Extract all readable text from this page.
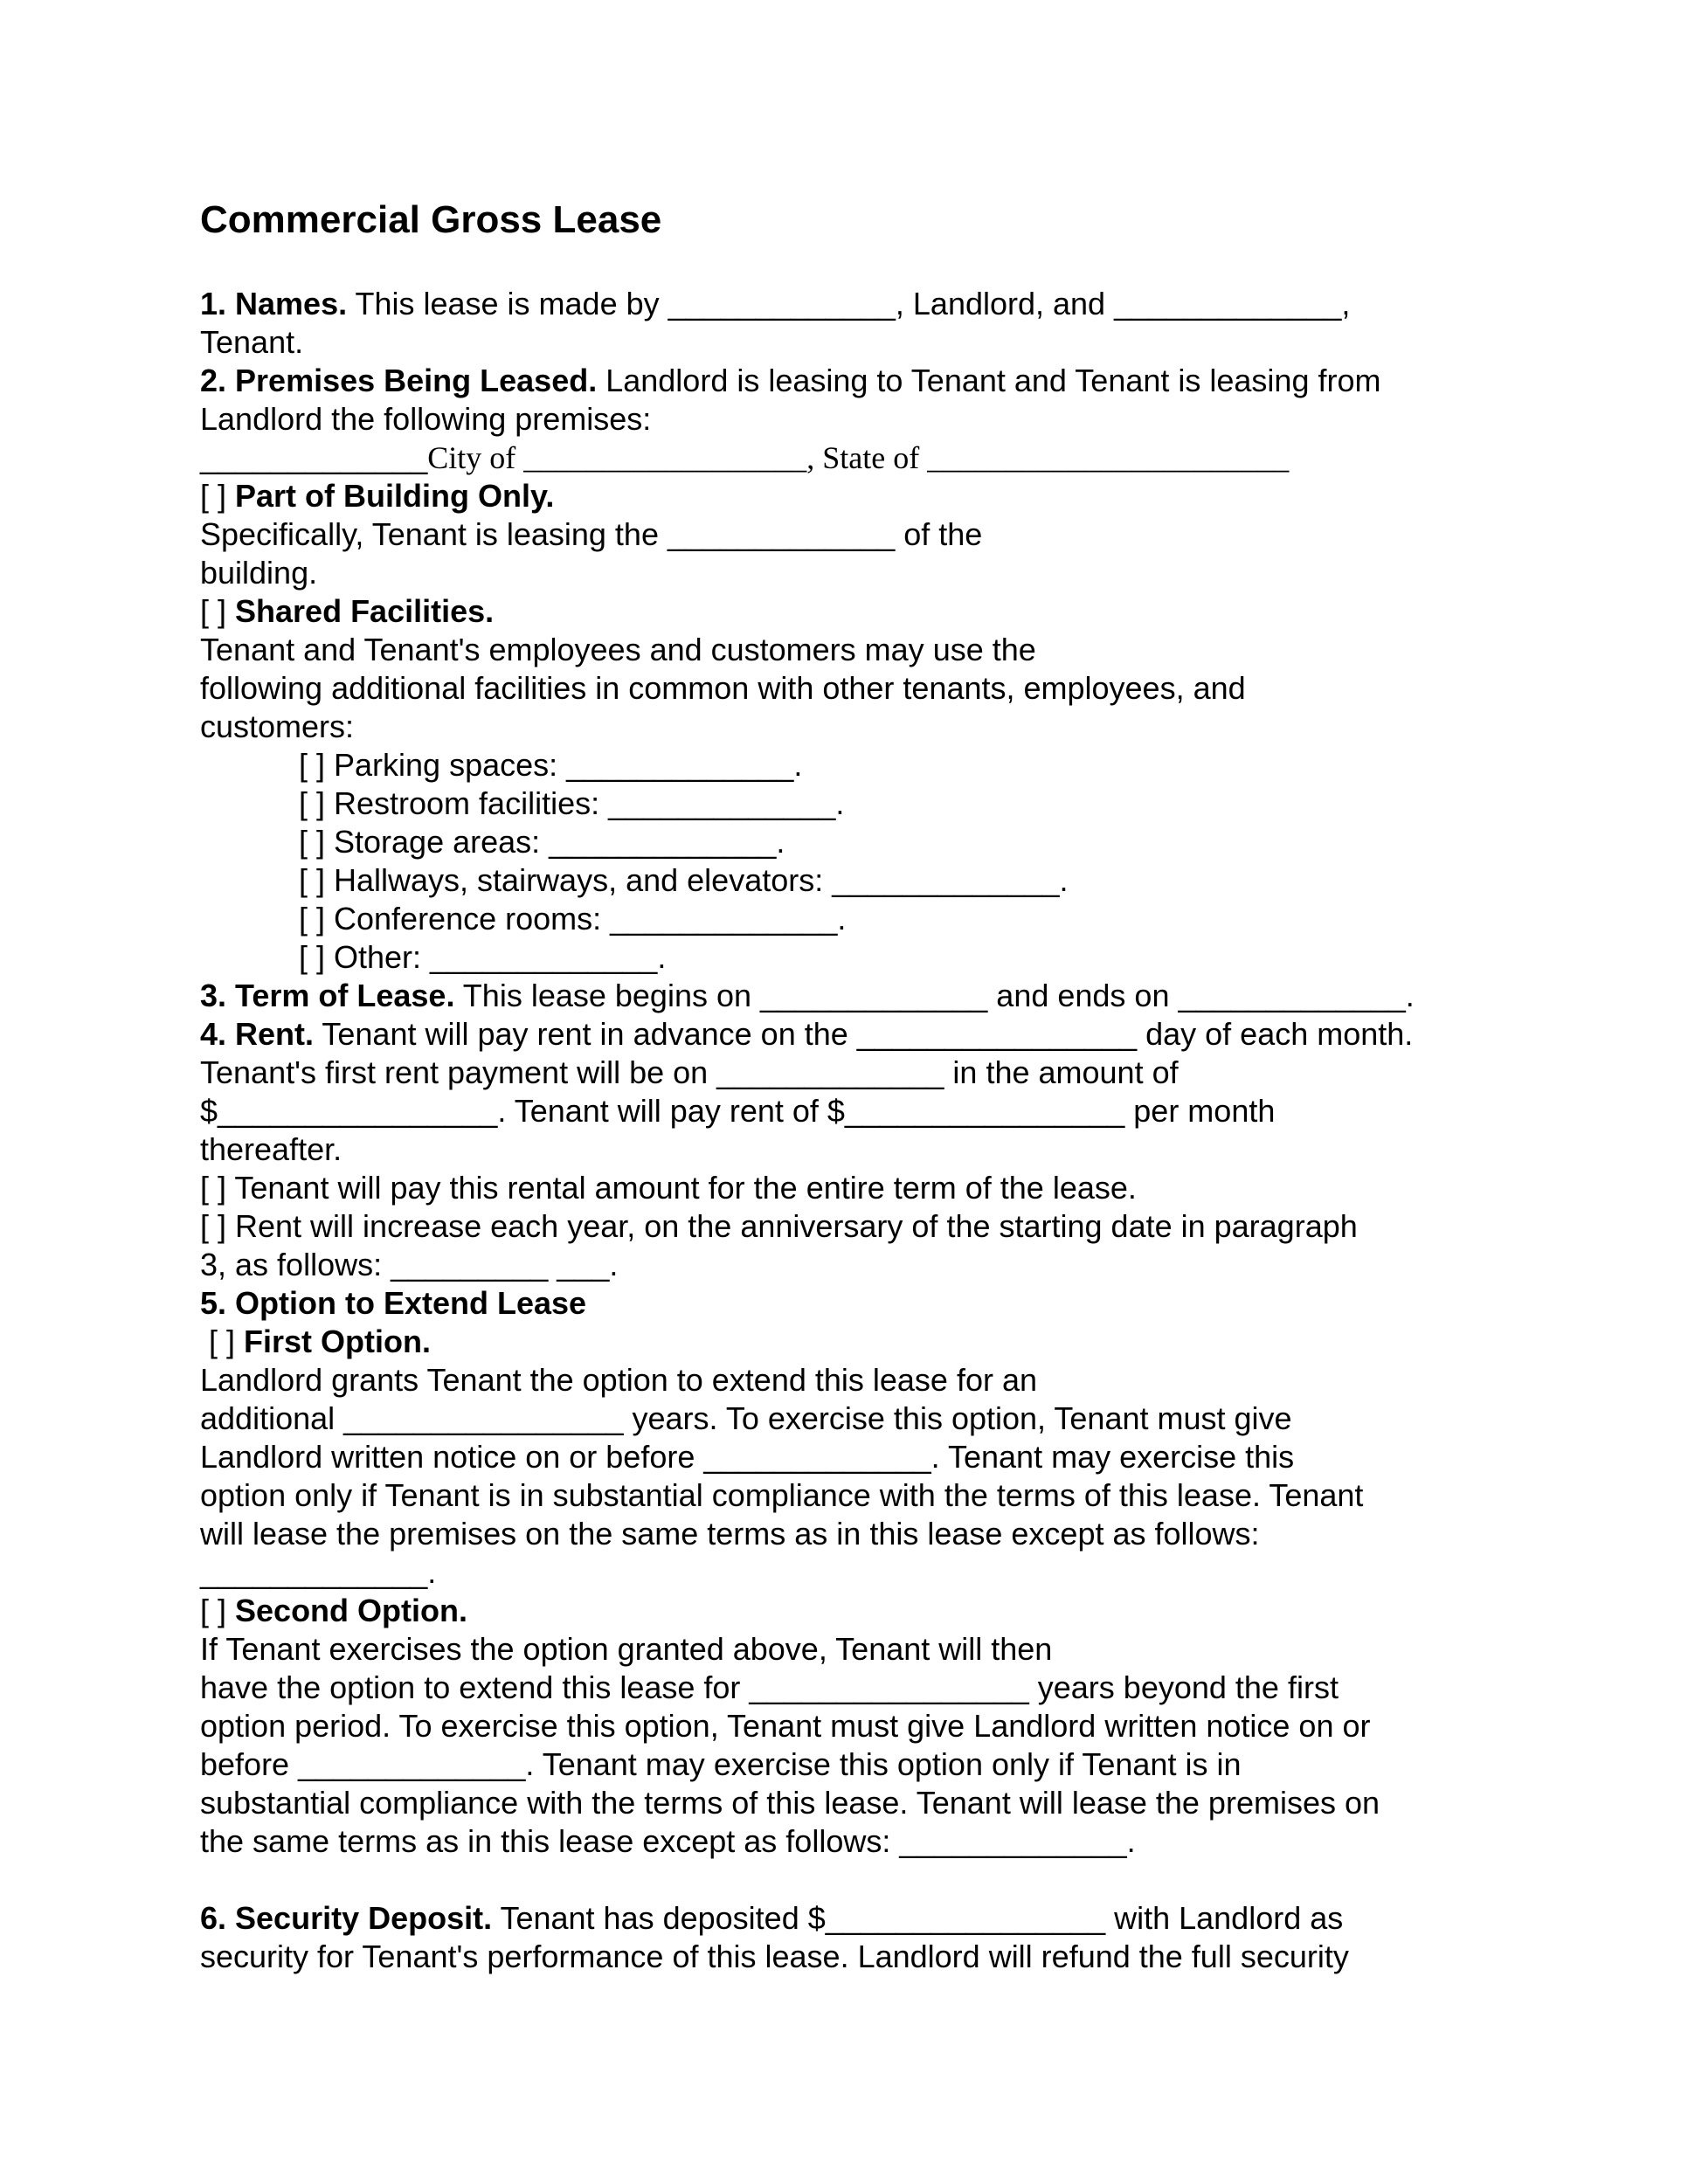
Commercial Gross Lease
1. Names. This lease is made by _____________, Landlord, and _____________,
Tenant.
2. Premises Being Leased. Landlord is leasing to Tenant and Tenant is leasing from
Landlord the following premises:
_____________City of __________________, State of _______________________
[ ] Part of Building Only.
Specifically, Tenant is leasing the _____________ of the
building.
[ ] Shared Facilities.
Tenant and Tenant's employees and customers may use the
following additional facilities in common with other tenants, employees, and
customers:
[ ] Parking spaces: _____________.
[ ] Restroom facilities: _____________.
[ ] Storage areas: _____________.
[ ] Hallways, stairways, and elevators: _____________.
[ ] Conference rooms: _____________.
[ ] Other: _____________.
3. Term of Lease. This lease begins on _____________ and ends on _____________.
4. Rent. Tenant will pay rent in advance on the ________________ day of each month.
Tenant's first rent payment will be on _____________ in the amount of
$________________. Tenant will pay rent of $________________ per month
thereafter.
[ ] Tenant will pay this rental amount for the entire term of the lease.
[ ] Rent will increase each year, on the anniversary of the starting date in paragraph
3, as follows: _________ ___.
5. Option to Extend Lease
[ ] First Option.
Landlord grants Tenant the option to extend this lease for an
additional ________________ years. To exercise this option, Tenant must give
Landlord written notice on or before _____________. Tenant may exercise this
option only if Tenant is in substantial compliance with the terms of this lease. Tenant
will lease the premises on the same terms as in this lease except as follows:
_____________.
[ ] Second Option.
If Tenant exercises the option granted above, Tenant will then
have the option to extend this lease for ________________ years beyond the first
option period. To exercise this option, Tenant must give Landlord written notice on or
before _____________. Tenant may exercise this option only if Tenant is in
substantial compliance with the terms of this lease. Tenant will lease the premises on
the same terms as in this lease except as follows: _____________.
6. Security Deposit. Tenant has deposited $________________ with Landlord as
security for Tenant's performance of this lease. Landlord will refund the full security
